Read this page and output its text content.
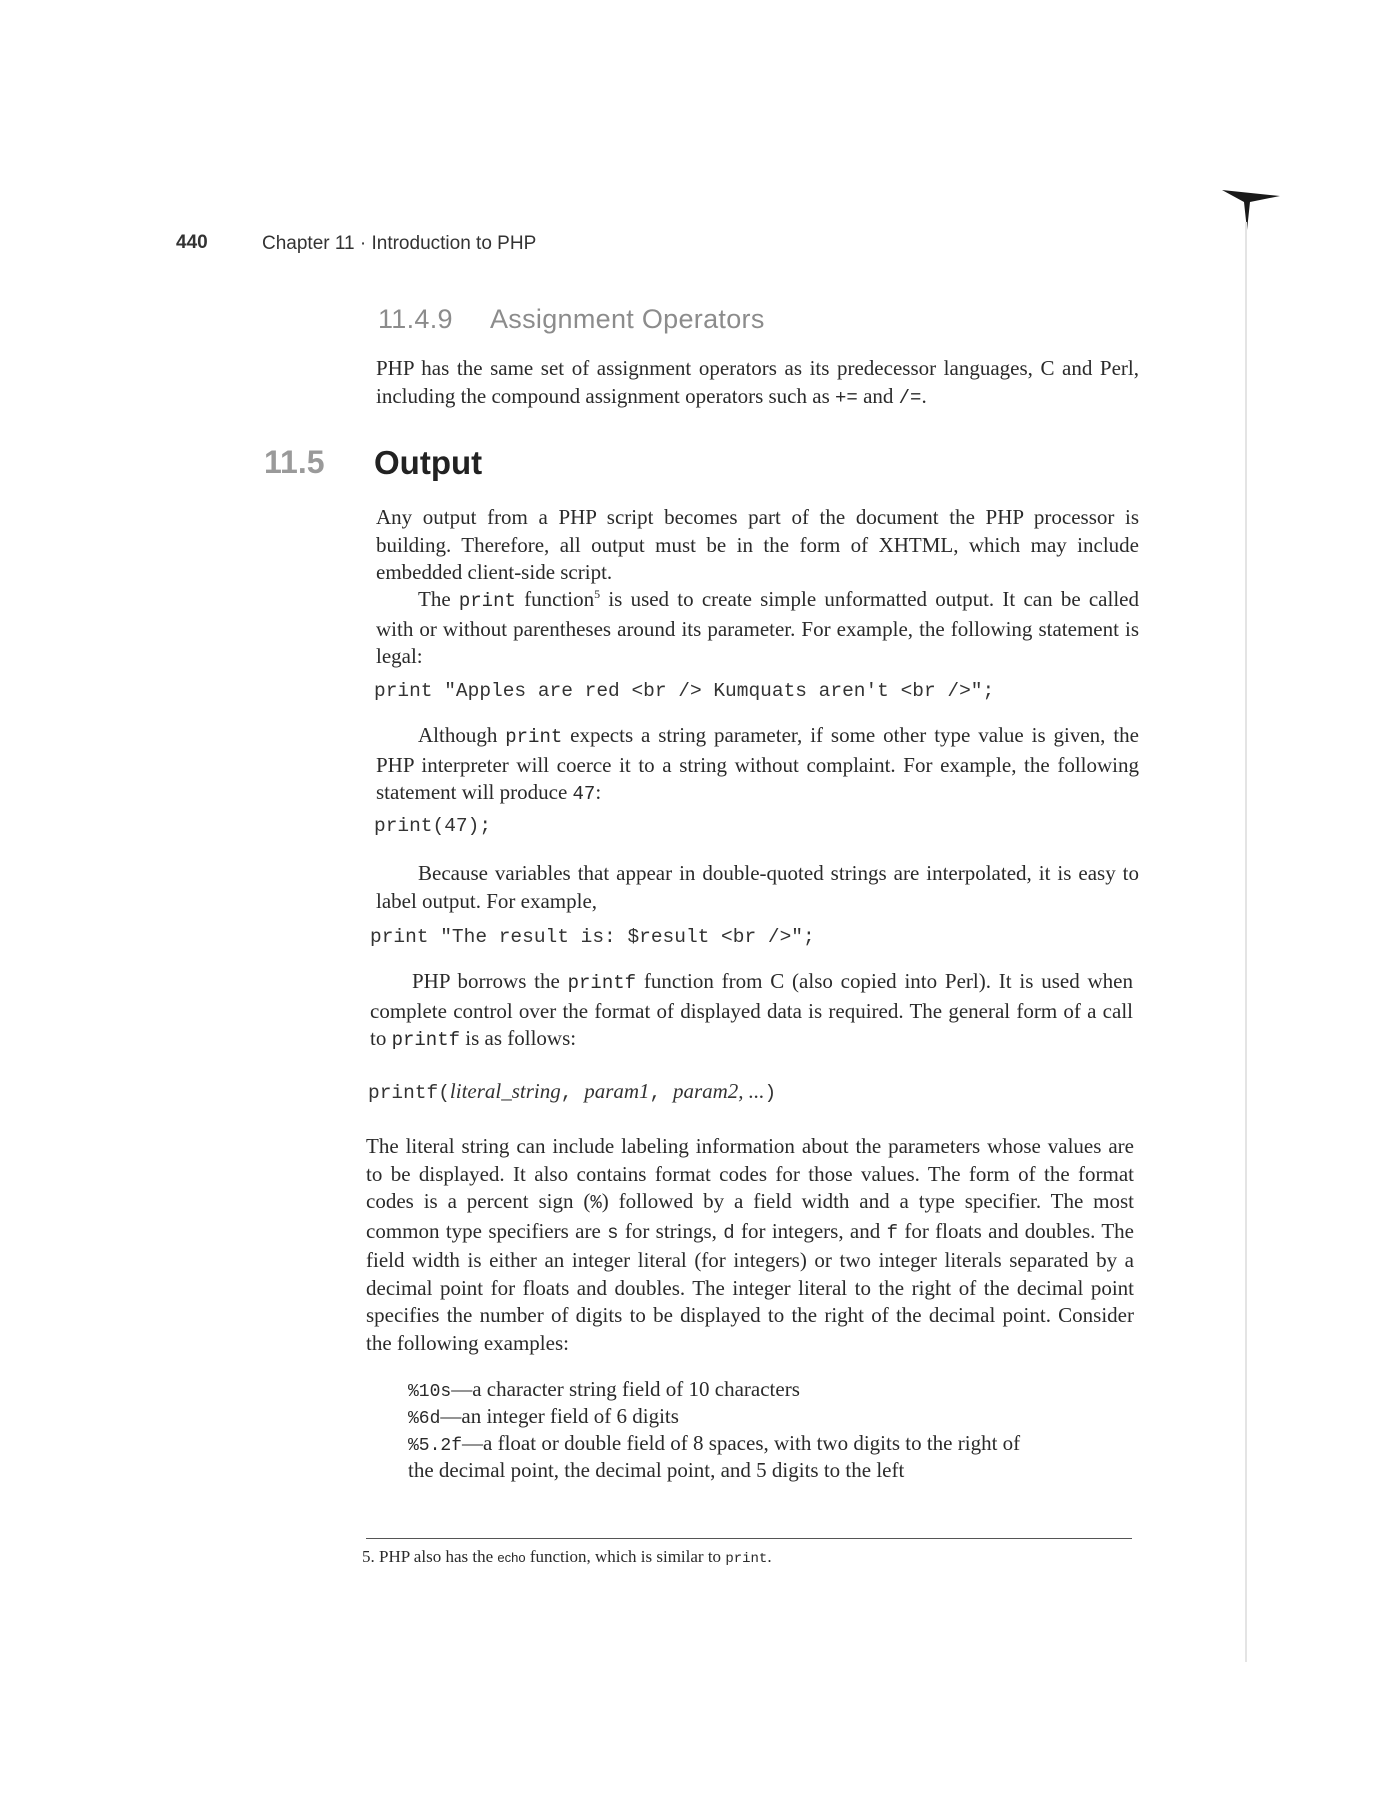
440	Chapter 11 · Introduction to PHP
11.4.9 Assignment Operators

PHP has the same set of assignment operators as its predecessor languages, C and Perl, including the compound assignment operators such as += and /=.

11.5 Output

Any output from a PHP script becomes part of the document the PHP processor is building. Therefore, all output must be in the form of XHTML, which may include embedded client-side script.

The print function$^5$ is used to create simple unformatted output. It can be called with or without parentheses around its parameter. For example, the following statement is legal:

print "Apples are red <br /> Kumquats aren't <br />";

Although print expects a string parameter, if some other type value is given, the PHP interpreter will coerce it to a string without complaint. For example, the following statement will produce 47:

print(47);

Because variables that appear in double-quoted strings are interpolated, it is easy to label output. For example,

print "The result is: $result <br />";

PHP borrows the printf function from C (also copied into Perl). It is used when complete control over the format of displayed data is required. The general form of a call to printf is as follows:

printf(literal_string, param1, param2, ...)

The literal string can include labeling information about the parameters whose values are to be displayed. It also contains format codes for those values. The form of the format codes is a percent sign (%) followed by a field width and a type specifier. The most common type specifiers are s for strings, d for integers, and f for floats and doubles. The field width is either an integer literal (for integers) or two integer literals separated by a decimal point for floats and doubles. The integer literal to the right of the decimal point specifies the number of digits to be displayed to the right of the decimal point. Consider the following examples:

%10s—a character string field of 10 characters
%6d—an integer field of 6 digits
%5.2f—a float or double field of 8 spaces, with two digits to the right of
the decimal point, the decimal point, and 5 digits to the left
5. PHP also has the echo function, which is similar to print.
